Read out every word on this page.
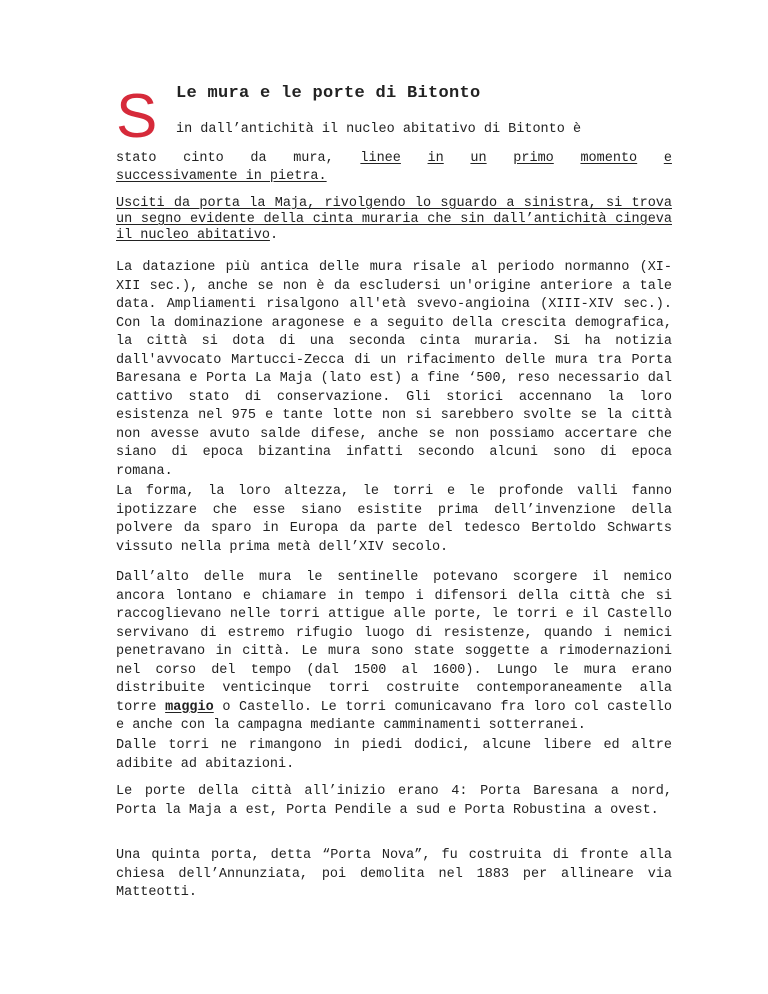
S Le mura e le porte di Bitonto
in dall’antichità il nucleo abitativo di Bitonto è
stato cinto da mura, linee in un primo momento e
successivamente in pietra.

Usciti da porta la Maja, rivolgendo lo sguardo a sinistra, si trova un segno evidente della cinta muraria che sin dall’antichità cingeva il nucleo abitativo.

La datazione più antica delle mura risale al periodo normanno (XI-XII sec.), anche se non è da escludersi un'origine anteriore a tale data. Ampliamenti risalgono all'età svevo-angioina (XIII-XIV sec.). Con la dominazione aragonese e a seguito della crescita demografica, la città si dota di una seconda cinta muraria. Si ha notizia dall'avvocato Martucci-Zecca di un rifacimento delle mura tra Porta Baresana e Porta La Maja (lato est) a fine ‘500, reso necessario dal cattivo stato di conservazione. Gli storici accennano la loro esistenza nel 975 e tante lotte non si sarebbero svolte se la città non avesse avuto salde difese, anche se non possiamo accertare che siano di epoca bizantina infatti secondo alcuni sono di epoca romana.

La forma, la loro altezza, le torri e le profonde valli fanno ipotizzare che esse siano esistite prima dell’invenzione della polvere da sparo in Europa da parte del tedesco Bertoldo Schwarts vissuto nella prima metà dell’XIV secolo.

Dall’alto delle mura le sentinelle potevano scorgere il nemico ancora lontano e chiamare in tempo i difensori della città che si raccoglievano nelle torri attigue alle porte, le torri e il Castello servivano di estremo rifugio luogo di resistenze, quando i nemici penetravano in città. Le mura sono state soggette a rimodernazioni nel corso del tempo (dal 1500 al 1600). Lungo le mura erano distribuite venticinque torri costruite contemporaneamente alla torre maggio o Castello. Le torri comunicavano fra loro col castello e anche con la campagna mediante camminamenti sotterranei.

Dalle torri ne rimangono in piedi dodici, alcune libere ed altre adibite ad abitazioni.

Le porte della città all’inizio erano 4: Porta Baresana a nord, Porta la Maja a est, Porta Pendile a sud e Porta Robustina a ovest.

Una quinta porta, detta “Porta Nova”, fu costruita di fronte alla chiesa dell’Annunziata, poi demolita nel 1883 per allineare via Matteotti.
